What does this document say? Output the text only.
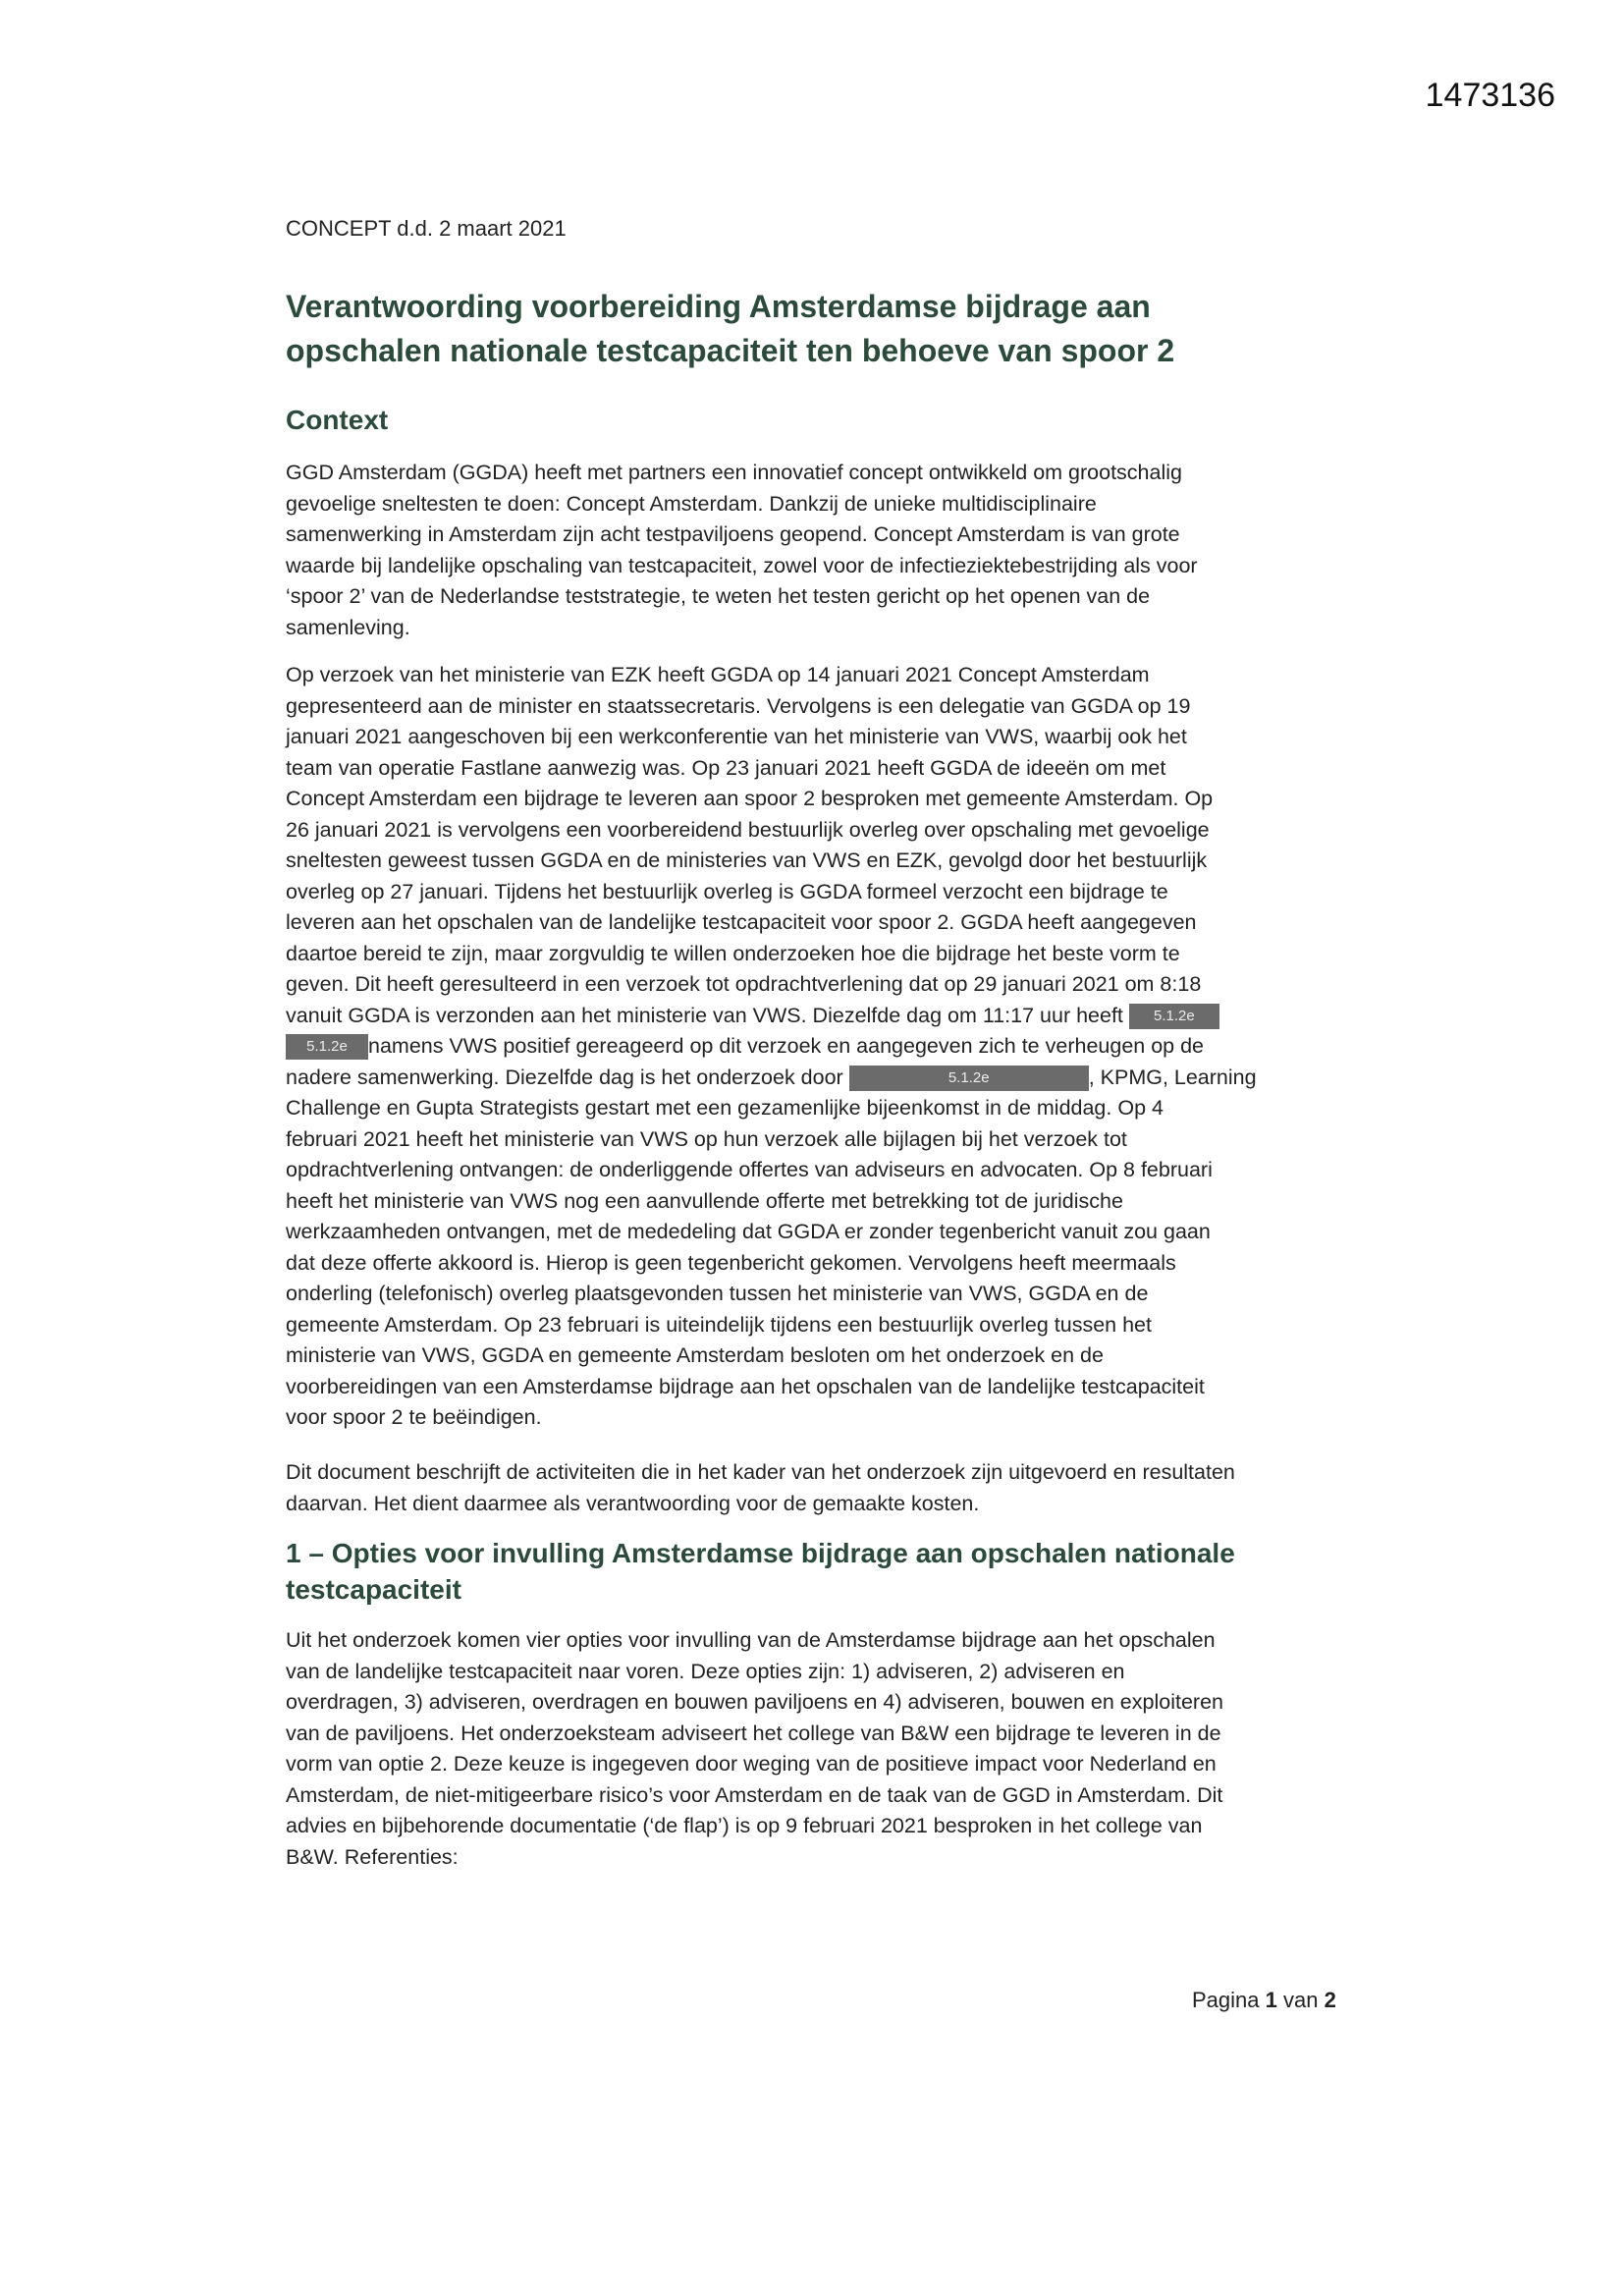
1473136
CONCEPT d.d. 2 maart 2021
Verantwoording voorbereiding Amsterdamse bijdrage aan
opschalen nationale testcapaciteit ten behoeve van spoor 2
Context
GGD Amsterdam (GGDA) heeft met partners een innovatief concept ontwikkeld om grootschalig
gevoelige sneltesten te doen: Concept Amsterdam. Dankzij de unieke multidisciplinaire
samenwerking in Amsterdam zijn acht testpaviljoens geopend. Concept Amsterdam is van grote
waarde bij landelijke opschaling van testcapaciteit, zowel voor de infectieziektebestrijding als voor
‘spoor 2’ van de Nederlandse teststrategie, te weten het testen gericht op het openen van de
samenleving.
Op verzoek van het ministerie van EZK heeft GGDA op 14 januari 2021 Concept Amsterdam
gepresenteerd aan de minister en staatssecretaris. Vervolgens is een delegatie van GGDA op 19
januari 2021 aangeschoven bij een werkconferentie van het ministerie van VWS, waarbij ook het
team van operatie Fastlane aanwezig was. Op 23 januari 2021 heeft GGDA de ideeën om met
Concept Amsterdam een bijdrage te leveren aan spoor 2 besproken met gemeente Amsterdam. Op
26 januari 2021 is vervolgens een voorbereidend bestuurlijk overleg over opschaling met gevoelige
sneltesten geweest tussen GGDA en de ministeries van VWS en EZK, gevolgd door het bestuurlijk
overleg op 27 januari. Tijdens het bestuurlijk overleg is GGDA formeel verzocht een bijdrage te
leveren aan het opschalen van de landelijke testcapaciteit voor spoor 2. GGDA heeft aangegeven
daartoe bereid te zijn, maar zorgvuldig te willen onderzoeken hoe die bijdrage het beste vorm te
geven. Dit heeft geresulteerd in een verzoek tot opdrachtverlening dat op 29 januari 2021 om 8:18
vanuit GGDA is verzonden aan het ministerie van VWS. Diezelfde dag om 11:17 uur heeft 5.1.2e
5.1.2e namens VWS positief gereageerd op dit verzoek en aangegeven zich te verheugen op de
nadere samenwerking. Diezelfde dag is het onderzoek door	5.1.2e	, KPMG, Learning
Challenge en Gupta Strategists gestart met een gezamenlijke bijeenkomst in de middag. Op 4
februari 2021 heeft het ministerie van VWS op hun verzoek alle bijlagen bij het verzoek tot
opdrachtverlening ontvangen: de onderliggende offertes van adviseurs en advocaten. Op 8 februari
heeft het ministerie van VWS nog een aanvullende offerte met betrekking tot de juridische
werkzaamheden ontvangen, met de mededeling dat GGDA er zonder tegenbericht vanuit zou gaan
dat deze offerte akkoord is. Hierop is geen tegenbericht gekomen. Vervolgens heeft meermaals
onderling (telefonisch) overleg plaatsgevonden tussen het ministerie van VWS, GGDA en de
gemeente Amsterdam. Op 23 februari is uiteindelijk tijdens een bestuurlijk overleg tussen het
ministerie van VWS, GGDA en gemeente Amsterdam besloten om het onderzoek en de
voorbereidingen van een Amsterdamse bijdrage aan het opschalen van de landelijke testcapaciteit
voor spoor 2 te beëindigen.
Dit document beschrijft de activiteiten die in het kader van het onderzoek zijn uitgevoerd en resultaten
daarvan. Het dient daarmee als verantwoording voor de gemaakte kosten.
1 – Opties voor invulling Amsterdamse bijdrage aan opschalen nationale
testcapaciteit
Uit het onderzoek komen vier opties voor invulling van de Amsterdamse bijdrage aan het opschalen
van de landelijke testcapaciteit naar voren. Deze opties zijn: 1) adviseren, 2) adviseren en
overdragen, 3) adviseren, overdragen en bouwen paviljoens en 4) adviseren, bouwen en exploiteren
van de paviljoens. Het onderzoeksteam adviseert het college van B&W een bijdrage te leveren in de
vorm van optie 2. Deze keuze is ingegeven door weging van de positieve impact voor Nederland en
Amsterdam, de niet-mitigeerbare risico’s voor Amsterdam en de taak van de GGD in Amsterdam. Dit
advies en bijbehorende documentatie (‘de flap’) is op 9 februari 2021 besproken in het college van
B&W. Referenties:
Pagina 1 van 2
